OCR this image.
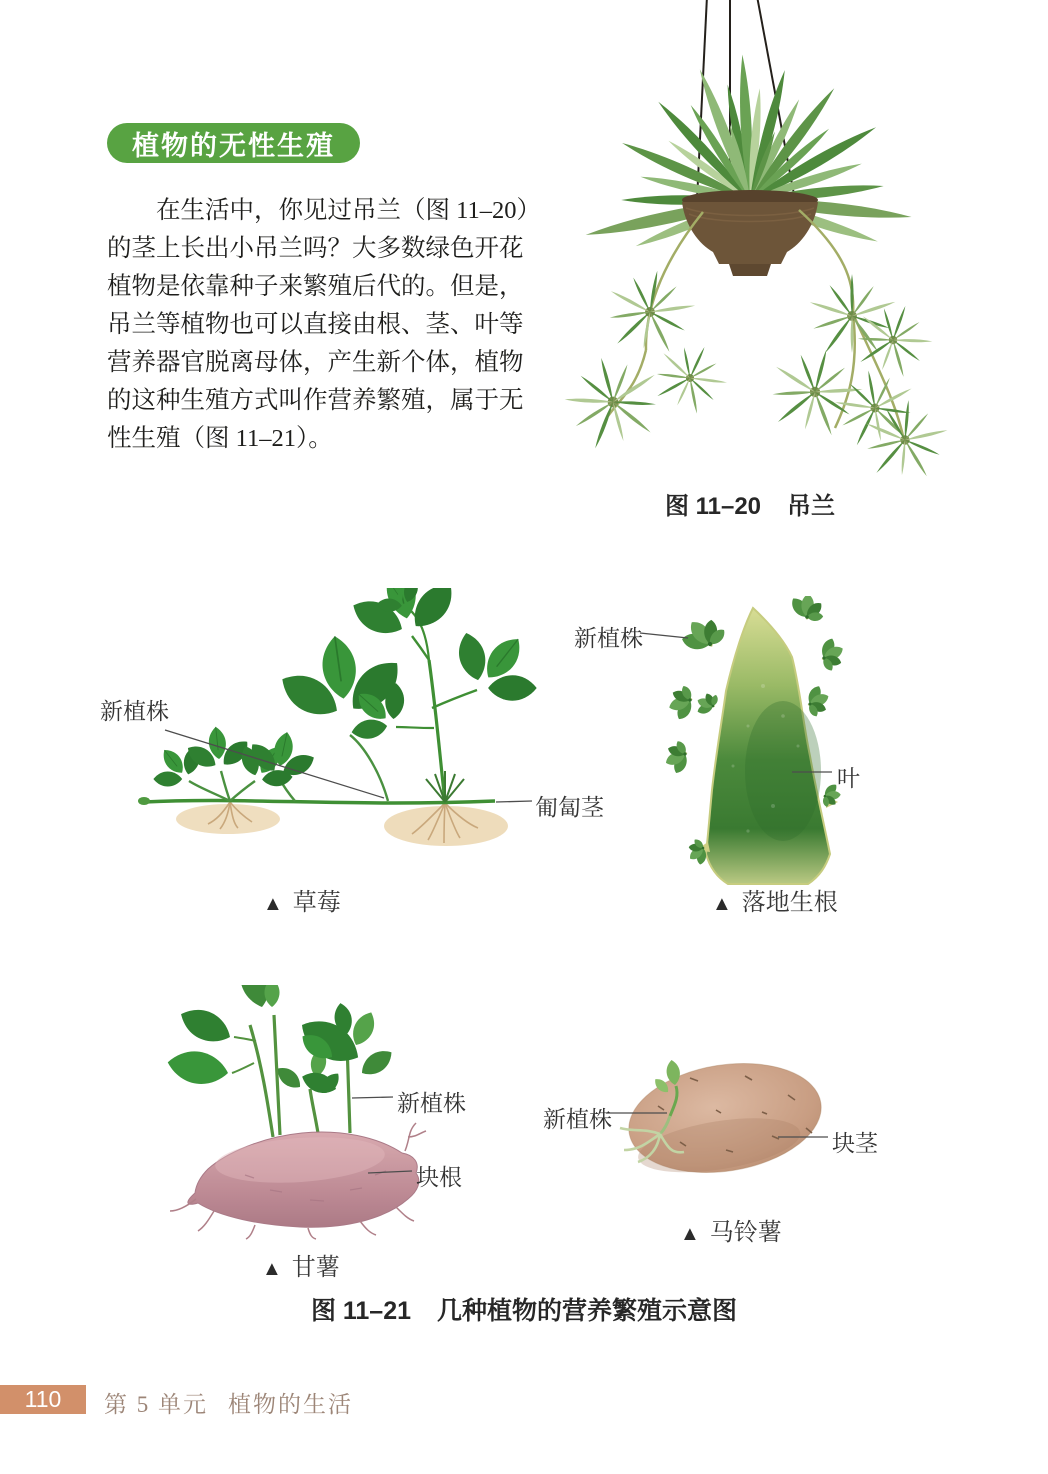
植物的无性生殖
在生活中，你见过吊兰（图 11–20）
的茎上长出小吊兰吗？大多数绿色开花
植物是依靠种子来繁殖后代的。但是，
吊兰等植物也可以直接由根、茎、叶等
营养器官脱离母体，产生新个体，植物
的这种生殖方式叫作营养繁殖，属于无
性生殖（图 11–21）。
图 11–20 吊兰
新植株
匍匐茎
新植株
叶
▲ 草莓	▲ 落地生根
新植株
块根
新植株
块茎
▲ 甘薯
▲ 马铃薯
图 11–21 几种植物的营养繁殖示意图
110 第 5 单元 植物的生活
